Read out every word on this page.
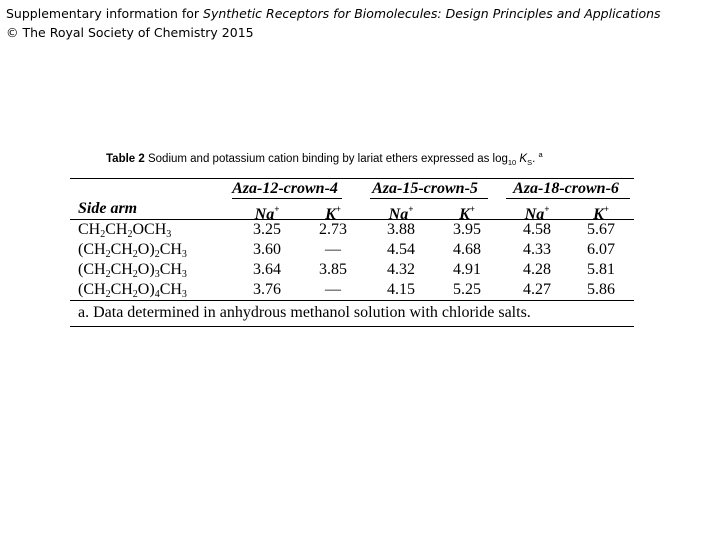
Supplementary information for Synthetic Receptors for Biomolecules: Design Principles and Applications
© The Royal Society of Chemistry 2015
Table 2 Sodium and potassium cation binding by lariat ethers expressed as $\log_{10} K_S$. $^a$
Aza-12-crown-4	Aza-15-crown-5	Aza-18-crown-6
Side arm	Na+	K+	Na+	K+	Na+	K+
$CH_2CH_2OCH_3$	3.25	2.73	3.88	3.95	4.58	5.67
$(CH_2CH_2O)_2CH_3$	3.60	—	4.54	4.68	4.33	6.07
$(CH_2CH_2O)_3CH_3$	3.64	3.85	4.32	4.91	4.28	5.81
$(CH_2CH_2O)_4CH_3$	3.76	—	4.15	5.25	4.27	5.86
a. Data determined in anhydrous methanol solution with chloride salts.
